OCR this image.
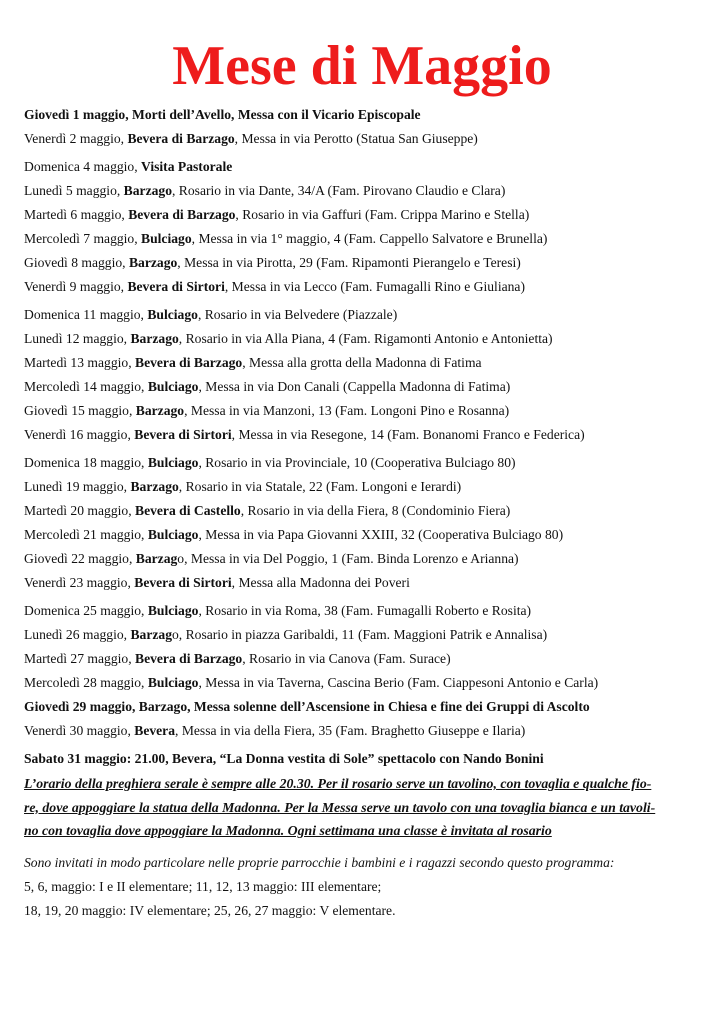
Mese di Maggio
Giovedì 1 maggio, Morti dell’Avello, Messa con il Vicario Episcopale
Venerdì 2 maggio, Bevera di Barzago, Messa in via Perotto (Statua San Giuseppe)
Domenica 4 maggio, Visita Pastorale
Lunedì 5 maggio, Barzago, Rosario in via Dante, 34/A (Fam. Pirovano Claudio e Clara)
Martedì 6 maggio, Bevera di Barzago, Rosario in via Gaffuri (Fam. Crippa Marino e Stella)
Mercoledì 7 maggio, Bulciago, Messa in via 1° maggio, 4 (Fam. Cappello Salvatore e Brunella)
Giovedì 8 maggio, Barzago, Messa in via Pirotta, 29 (Fam. Ripamonti Pierangelo e Teresi)
Venerdì 9 maggio, Bevera di Sirtori, Messa in via Lecco (Fam. Fumagalli Rino e Giuliana)
Domenica 11 maggio, Bulciago, Rosario in via Belvedere (Piazzale)
Lunedì 12 maggio, Barzago, Rosario in via Alla Piana, 4 (Fam. Rigamonti Antonio e Antonietta)
Martedì 13 maggio, Bevera di Barzago, Messa alla grotta della Madonna di Fatima
Mercoledì 14 maggio, Bulciago, Messa in via Don Canali (Cappella Madonna di Fatima)
Giovedì 15 maggio, Barzago, Messa in via Manzoni, 13 (Fam. Longoni Pino e Rosanna)
Venerdì 16 maggio, Bevera di Sirtori, Messa in via Resegone, 14 (Fam. Bonanomi Franco e Federica)
Domenica 18 maggio, Bulciago, Rosario in via Provinciale, 10 (Cooperativa Bulciago 80)
Lunedì 19 maggio, Barzago, Rosario in via Statale, 22 (Fam. Longoni e Ierardi)
Martedì 20 maggio, Bevera di Castello, Rosario in via della Fiera, 8 (Condominio Fiera)
Mercoledì 21 maggio, Bulciago, Messa in via Papa Giovanni XXIII, 32 (Cooperativa Bulciago 80)
Giovedì 22 maggio, Barzago, Messa in via Del Poggio, 1 (Fam. Binda Lorenzo e Arianna)
Venerdì 23 maggio, Bevera di Sirtori, Messa alla Madonna dei Poveri
Domenica 25 maggio, Bulciago, Rosario in via Roma, 38 (Fam. Fumagalli Roberto e Rosita)
Lunedì 26 maggio, Barzago, Rosario in piazza Garibaldi, 11 (Fam. Maggioni Patrik e Annalisa)
Martedì 27 maggio, Bevera di Barzago, Rosario in via Canova (Fam. Surace)
Mercoledì 28 maggio, Bulciago, Messa in via Taverna, Cascina Berio (Fam. Ciappesoni Antonio e Carla)
Giovedì 29 maggio, Barzago, Messa solenne dell’Ascensione in Chiesa e fine dei Gruppi di Ascolto
Venerdì 30 maggio, Bevera, Messa in via della Fiera, 35 (Fam. Braghetto Giuseppe e Ilaria)
Sabato 31 maggio: 21.00, Bevera, “La Donna vestita di Sole” spettacolo con Nando Bonini
L’orario della preghiera serale è sempre alle 20.30. Per il rosario serve un tavolino, con tovaglia e qualche fio-
re, dove appoggiare la statua della Madonna. Per la Messa serve un tavolo con una tovaglia bianca e un tavoli-
no con tovaglia dove appoggiare la Madonna. Ogni settimana una classe è invitata al rosario
Sono invitati in modo particolare nelle proprie parrocchie i bambini e i ragazzi secondo questo programma:
5, 6, maggio: I e II elementare; 11, 12, 13 maggio: III elementare;
18, 19, 20 maggio: IV elementare; 25, 26, 27 maggio: V elementare.
